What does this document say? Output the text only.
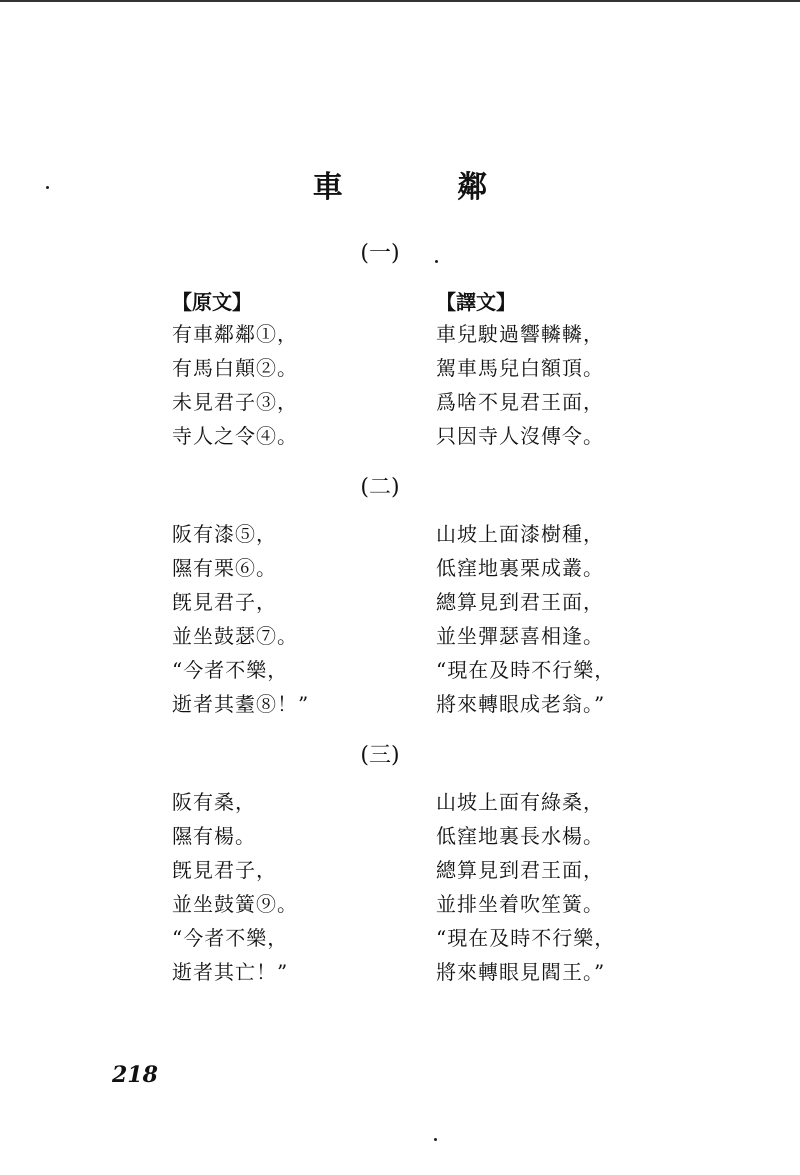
車 鄰
(一)
【原文】	【譯文】
有車鄰鄰①，	車兒駛過響轔轔，
有馬白顛②。	駕車馬兒白額頂。
未見君子③，	爲啥不見君王面，
寺人之令④。	只因寺人沒傳令。
(二)
阪有漆⑤，	山坡上面漆樹種，
隰有栗⑥。	低窪地裏栗成叢。
旣見君子，	總算見到君王面，
並坐鼓瑟⑦。	並坐彈瑟喜相逢。
“今者不樂，	“現在及時不行樂，
逝者其耋⑧！”	將來轉眼成老翁。”
(三)
阪有桑，	山坡上面有綠桑，
隰有楊。	低窪地裏長水楊。
旣見君子，	總算見到君王面，
並坐鼓簧⑨。	並排坐着吹笙簧。
“今者不樂，	“現在及時不行樂，
逝者其亡！”	將來轉眼見閻王。”
218
